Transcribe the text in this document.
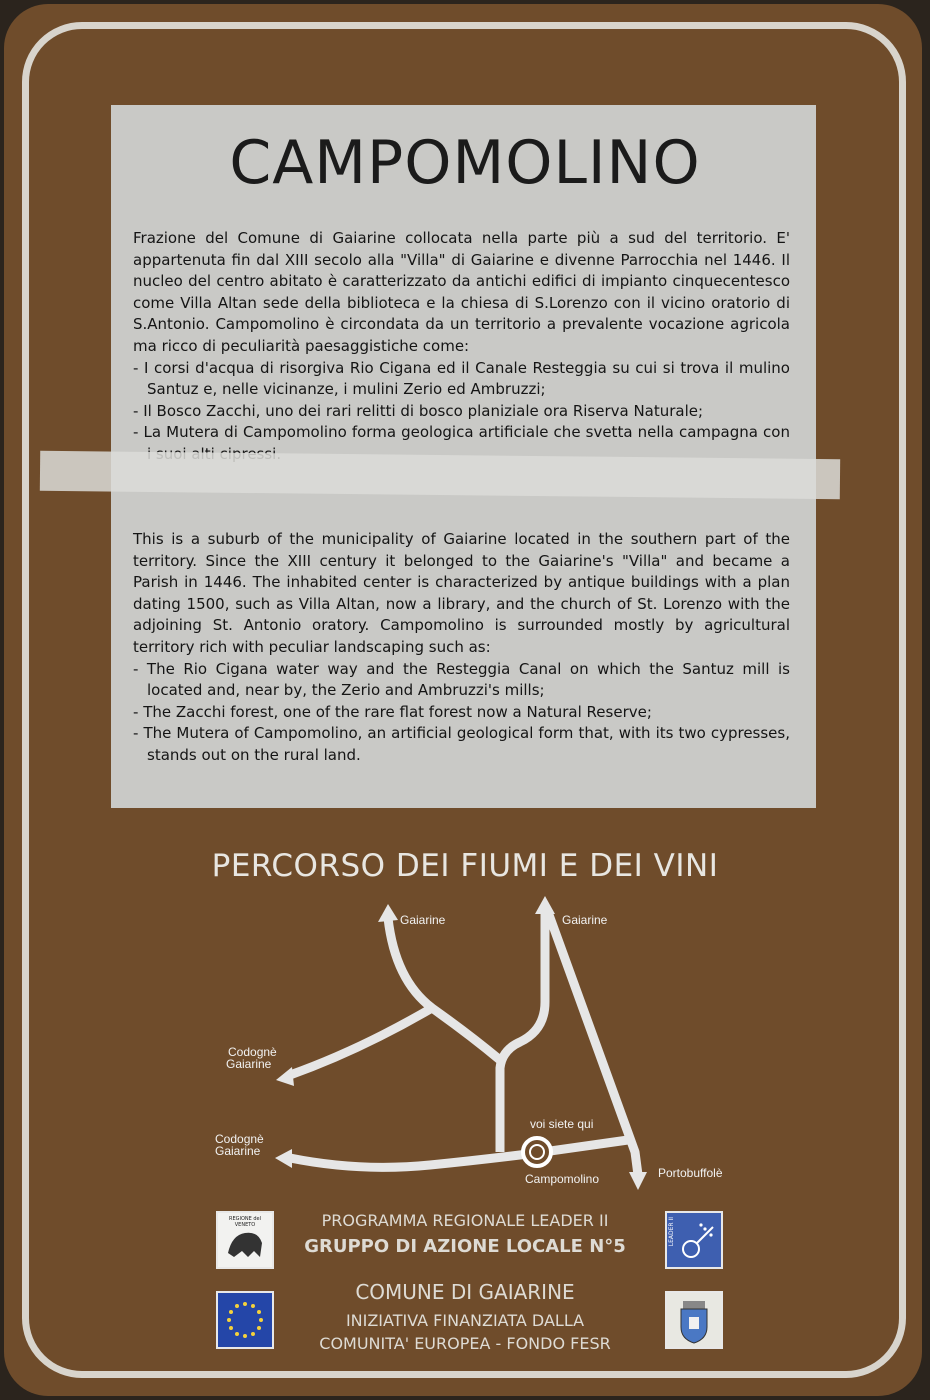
CAMPOMOLINO

Frazione del Comune di Gaiarine collocata nella parte più a sud del territorio. E' appartenuta fin dal XIII secolo alla "Villa" di Gaiarine e divenne Parrocchia nel 1446. Il nucleo del centro abitato è caratterizzato da antichi edifici di impianto cinquecentesco come Villa Altan sede della biblioteca e la chiesa di S.Lorenzo con il vicino oratorio di S.Antonio. Campomolino è circondata da un territorio a prevalente vocazione agricola ma ricco di peculiarità paesaggistiche come:

- I corsi d'acqua di risorgiva Rio Cigana ed il Canale Resteggia su cui si trova il mulino Santuz e, nelle vicinanze, i mulini Zerio ed Ambruzzi;
- Il Bosco Zacchi, uno dei rari relitti di bosco planiziale ora Riserva Naturale;
- La Mutera di Campomolino forma geologica artificiale che svetta nella campagna con

This is a suburb of the municipality of Gaiarine located in the southern part of the territory. Since the XIII century it belonged to the Gaiarine's "Villa" and became a Parish in 1446. The inhabited center is characterized by antique buildings with a plan dating 1500, such as Villa Altan, now a library, and the church of St. Lorenzo with the adjoining St. Antonio oratory. Campomolino is surrounded mostly by agricultural territory rich with peculiar landscaping such as:

- The Rio Cigana water way and the Resteggia Canal on which the Santuz mill is located and, near by, the Zerio and Ambruzzi's mills;
- The Zacchi forest, one of the rare flat forest now a Natural Reserve;
- The Mutera of Campomolino, an artificial geological form that, with its two cypresses, stands out on the rural land.
PERCORSO DEI FIUMI E DEI VINI
Gaiarine	Gaiarine
Codognè
Gaiarine
Codognè
Gaiarine
voi siete qui
Campomolino	Portobuffolè
REGIONE del VENETO	LEADER II
PROGRAMMA REGIONALE LEADER II
GRUPPO DI AZIONE LOCALE N°5
COMUNE DI GAIARINE
INIZIATIVA FINANZIATA DALLA
COMUNITA' EUROPEA - FONDO FESR
